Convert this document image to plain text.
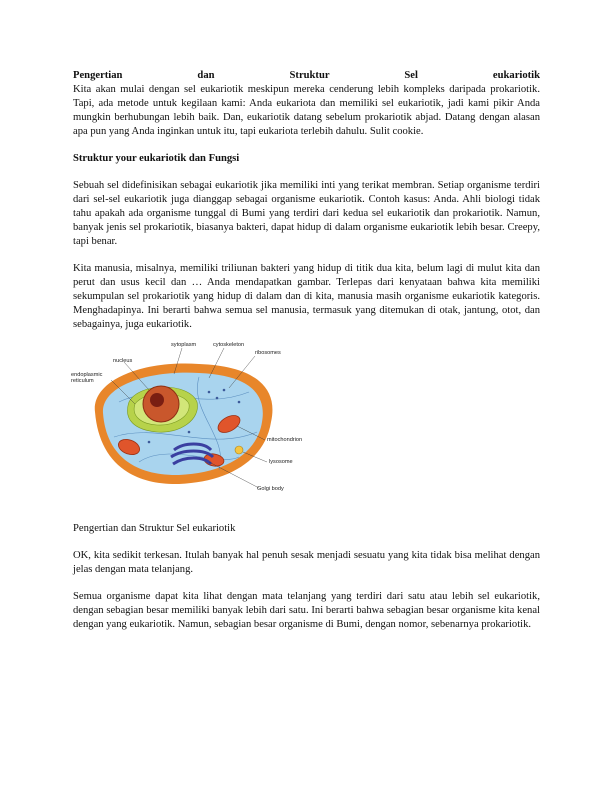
Pengertian dan Struktur Sel eukariotik

Kita akan mulai dengan sel eukariotik meskipun mereka cenderung lebih kompleks daripada prokariotik. Tapi, ada metode untuk kegilaan kami: Anda eukariota dan memiliki sel eukariotik, jadi kami pikir Anda mungkin berhubungan lebih baik. Dan, eukariotik datang sebelum prokariotik abjad. Datang dengan alasan apa pun yang Anda inginkan untuk itu, tapi eukariota terlebih dahulu. Sulit cookie.

Struktur your eukariotik dan Fungsi

Sebuah sel didefinisikan sebagai eukariotik jika memiliki inti yang terikat membran. Setiap organisme terdiri dari sel-sel eukariotik juga dianggap sebagai organisme eukariotik. Contoh kasus: Anda. Ahli biologi tidak tahu apakah ada organisme tunggal di Bumi yang terdiri dari kedua sel eukariotik dan prokariotik. Namun, banyak jenis sel prokariotik, biasanya bakteri, dapat hidup di dalam organisme eukariotik lebih besar. Creepy, tapi benar.

Kita manusia, misalnya, memiliki triliunan bakteri yang hidup di titik dua kita, belum lagi di mulut kita dan perut dan usus kecil dan … Anda mendapatkan gambar. Terlepas dari kenyataan bahwa kita memiliki sekumpulan sel prokariotik yang hidup di dalam dan di kita, manusia masih organisme eukariotik kategoris. Menghadapinya. Ini berarti bahwa semua sel manusia, termasuk yang ditemukan di otak, jantung, otot, dan sebagainya, juga eukariotik.

sytoplasm	cytoskeleton
ribosomes
nucleus
endoplasmic
reticulum
mitochondrion
lysosome
Golgi body

Pengertian dan Struktur Sel eukariotik

OK, kita sedikit terkesan. Itulah banyak hal penuh sesak menjadi sesuatu yang kita tidak bisa melihat dengan jelas dengan mata telanjang.

Semua organisme dapat kita lihat dengan mata telanjang yang terdiri dari satu atau lebih sel eukariotik, dengan sebagian besar memiliki banyak lebih dari satu. Ini berarti bahwa sebagian besar organisme kita kenal dengan yang eukariotik. Namun, sebagian besar organisme di Bumi, dengan nomor, sebenarnya prokariotik.
